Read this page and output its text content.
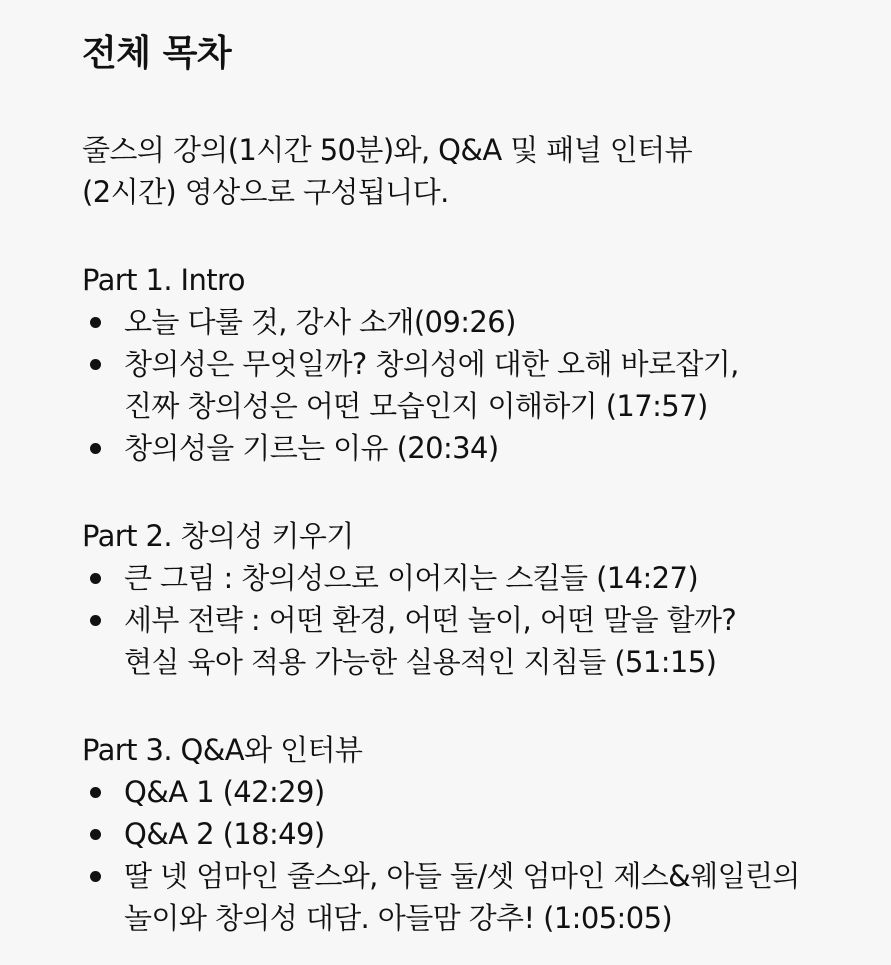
전체 목차

줄스의 강의(1시간 50분)와, Q&A 및 패널 인터뷰

(2시간) 영상으로 구성됩니다.

Part 1. Intro

오늘 다룰 것, 강사 소개(09:26)
창의성은 무엇일까? 창의성에 대한 오해 바로잡기,
진짜 창의성은 어떤 모습인지 이해하기 (17:57)
창의성을 기르는 이유 (20:34)

Part 2. 창의성 키우기

큰 그림 : 창의성으로 이어지는 스킬들 (14:27)
세부 전략 : 어떤 환경, 어떤 놀이, 어떤 말을 할까?
현실 육아 적용 가능한 실용적인 지침들 (51:15)

Part 3. Q&A와 인터뷰

Q&A 1 (42:29)
Q&A 2 (18:49)
딸 넷 엄마인 줄스와, 아들 둘/셋 엄마인 제스&웨일린의
놀이와 창의성 대담. 아들맘 강추! (1:05:05)
